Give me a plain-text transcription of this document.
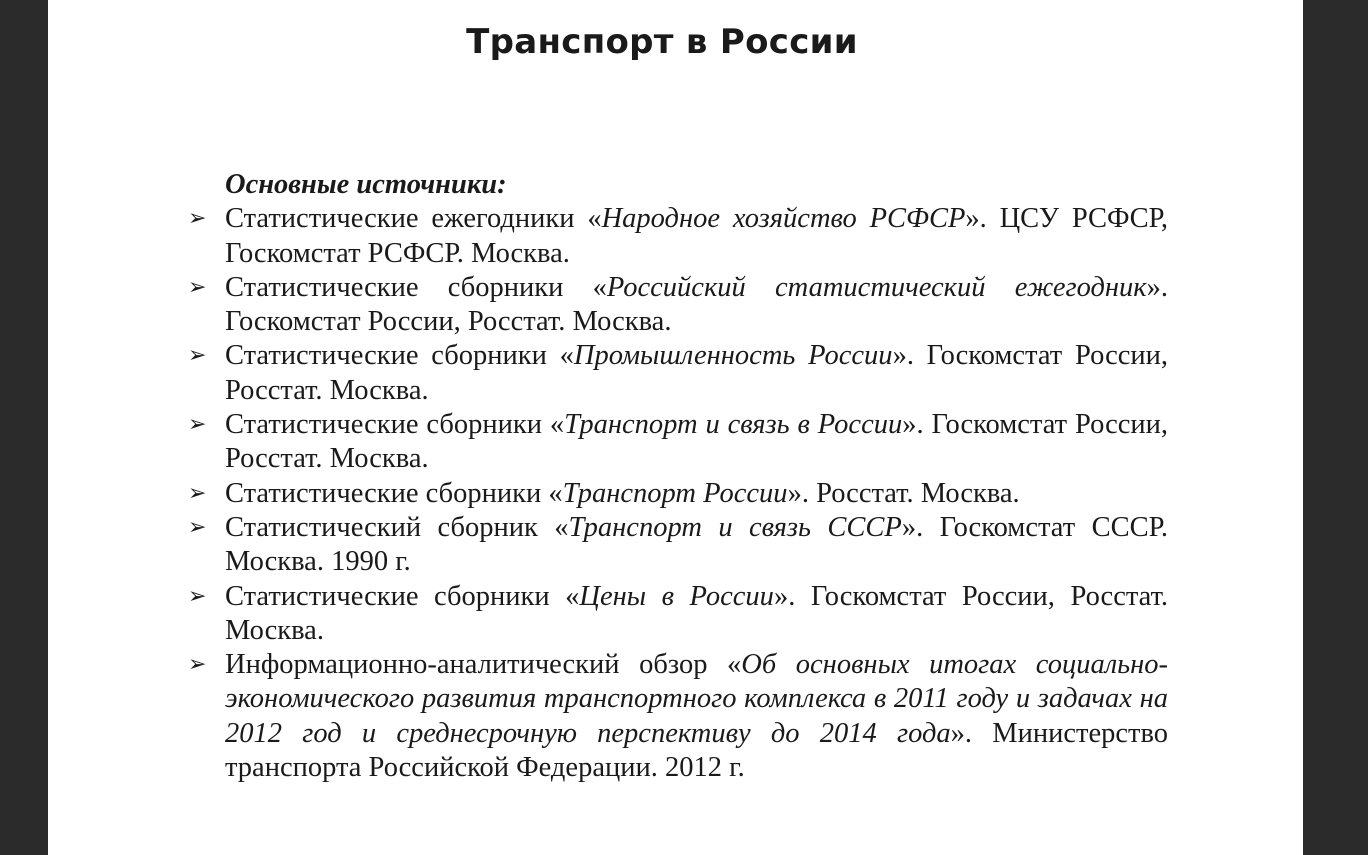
Транспорт в России

Основные источники:

➢ Статистические ежегодники «Народное хозяйство РСФСР». ЦСУ РСФСР, Госкомстат РСФСР. Москва.
➢ Статистические сборники «Российский статистический ежегодник». Госкомстат России, Росстат. Москва.
➢ Статистические сборники «Промышленность России». Госкомстат России, Росстат. Москва.
➢ Статистические сборники «Транспорт и связь в России». Госкомстат России, Росстат. Москва.
➢ Статистические сборники «Транспорт России». Росстат. Москва.
➢ Статистический сборник «Транспорт и связь СССР». Госкомстат СССР. Москва. 1990 г.
➢ Статистические сборники «Цены в России». Госкомстат России, Росстат. Москва.
➢ Информационно-аналитический обзор «Об основных итогах социально-экономического развития транспортного комплекса в 2011 году и задачах на 2012 год и среднесрочную перспективу до 2014 года». Министерство транспорта Российской Федерации. 2012 г.
